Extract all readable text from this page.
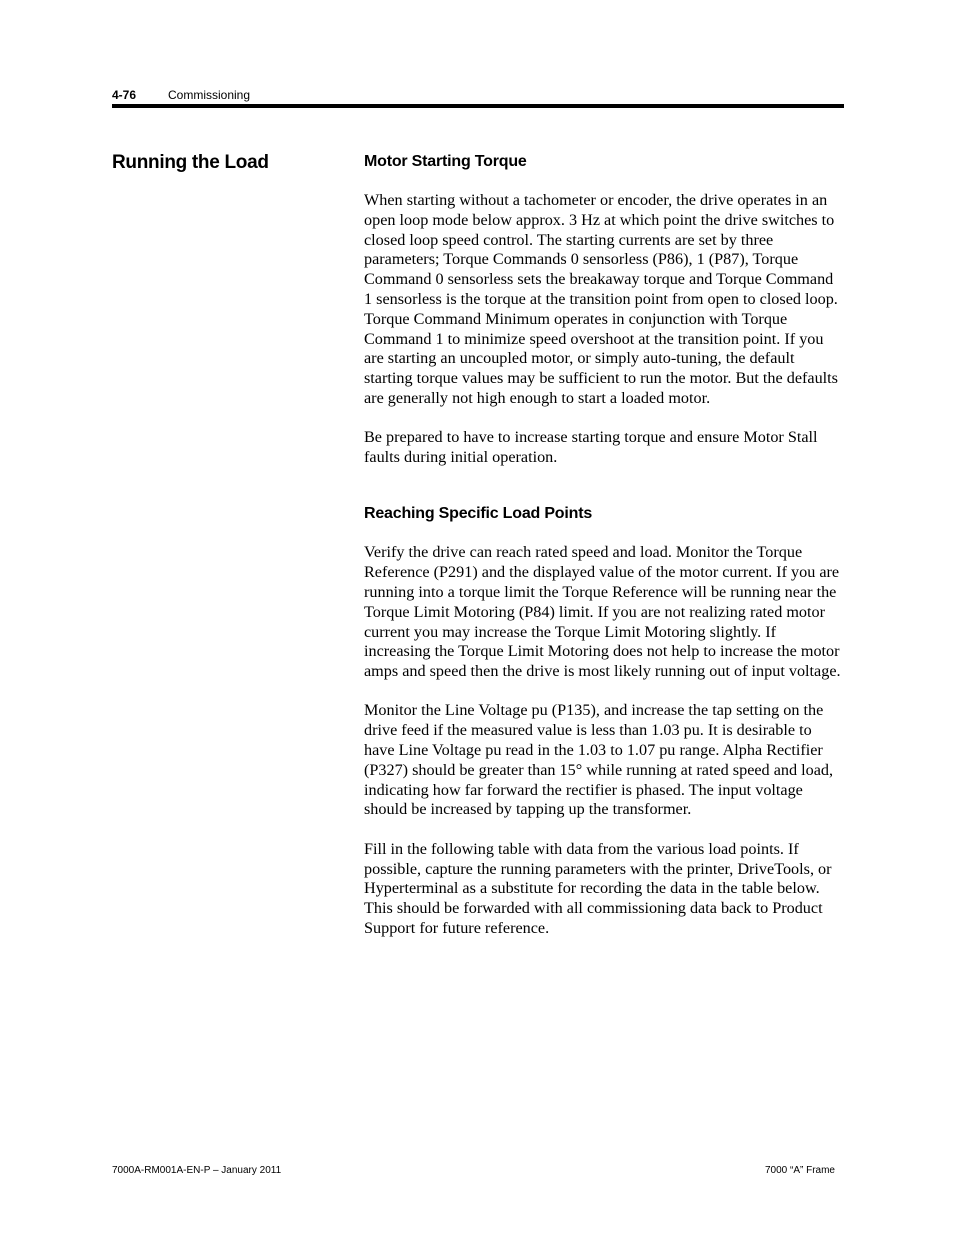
4-76	Commissioning
Running the Load	Motor Starting Torque

When starting without a tachometer or encoder, the drive operates in an open loop mode below approx. 3 Hz at which point the drive switches to closed loop speed control. The starting currents are set by three parameters; Torque Commands 0 sensorless (P86), 1 (P87), Torque Command 0 sensorless sets the breakaway torque and Torque Command 1 sensorless is the torque at the transition point from open to closed loop. Torque Command Minimum operates in conjunction with Torque Command 1 to minimize speed overshoot at the transition point. If you are starting an uncoupled motor, or simply auto-tuning, the default starting torque values may be sufficient to run the motor. But the defaults are generally not high enough to start a loaded motor.

Be prepared to have to increase starting torque and ensure Motor Stall faults during initial operation.

Reaching Specific Load Points

Verify the drive can reach rated speed and load. Monitor the Torque Reference (P291) and the displayed value of the motor current. If you are running into a torque limit the Torque Reference will be running near the Torque Limit Motoring (P84) limit. If you are not realizing rated motor current you may increase the Torque Limit Motoring slightly. If increasing the Torque Limit Motoring does not help to increase the motor amps and speed then the drive is most likely running out of input voltage.

Monitor the Line Voltage pu (P135), and increase the tap setting on the drive feed if the measured value is less than 1.03 pu. It is desirable to have Line Voltage pu read in the 1.03 to 1.07 pu range. Alpha Rectifier (P327) should be greater than 15° while running at rated speed and load, indicating how far forward the rectifier is phased. The input voltage should be increased by tapping up the transformer.

Fill in the following table with data from the various load points. If possible, capture the running parameters with the printer, DriveTools, or Hyperterminal as a substitute for recording the data in the table below. This should be forwarded with all commissioning data back to Product Support for future reference.

7000A-RM001A-EN-P – January 2011	7000 “A” Frame
